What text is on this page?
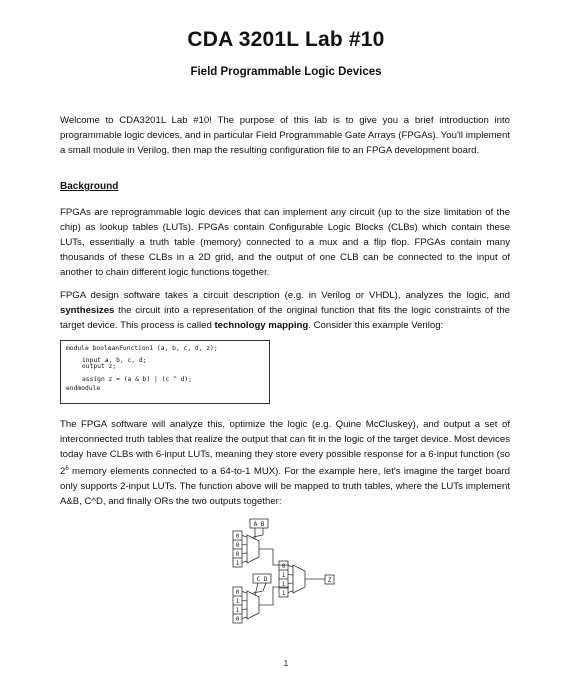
CDA 3201L Lab #10
Field Programmable Logic Devices

Welcome to CDA3201L Lab #10! The purpose of this lab is to give you a brief introduction into programmable logic devices, and in particular Field Programmable Gate Arrays (FPGAs). You'll implement a small module in Verilog, then map the resulting configuration file to an FPGA development board.

Background

FPGAs are reprogrammable logic devices that can implement any circuit (up to the size limitation of the chip) as lookup tables (LUTs). FPGAs contain Configurable Logic Blocks (CLBs) which contain these LUTs, essentially a truth table (memory) connected to a mux and a flip flop. FPGAs contain many thousands of these CLBs in a 2D grid, and the output of one CLB can be connected to the input of another to chain different logic functions together.

FPGA design software takes a circuit description (e.g. in Verilog or VHDL), analyzes the logic, and synthesizes the circuit into a representation of the original function that fits the logic constraints of the target device. This process is called technology mapping. Consider this example Verilog:

module booleanFunction1 (a, b, c, d, z);
input a, b, c, d;
output z;
assign z = (a & b) | (c ^ d);
endmodule

The FPGA software will analyze this, optimize the logic (e.g. Quine McCluskey), and output a set of interconnected truth tables that realize the output that can fit in the logic of the target device. Most devices today have CLBs with 6-input LUTs, meaning they store every possible response for a 6-input function (so $2^6$ memory elements connected to a 64-to-1 MUX). For the example here, let's imagine the target board only supports 2-input LUTs. The function above will be mapped to truth tables, where the LUTs implement A&B, C^D, and finally ORs the two outputs together:

A B
C D	Z
0
0
0
1	0
1
1
1
0
1
1
0
1
